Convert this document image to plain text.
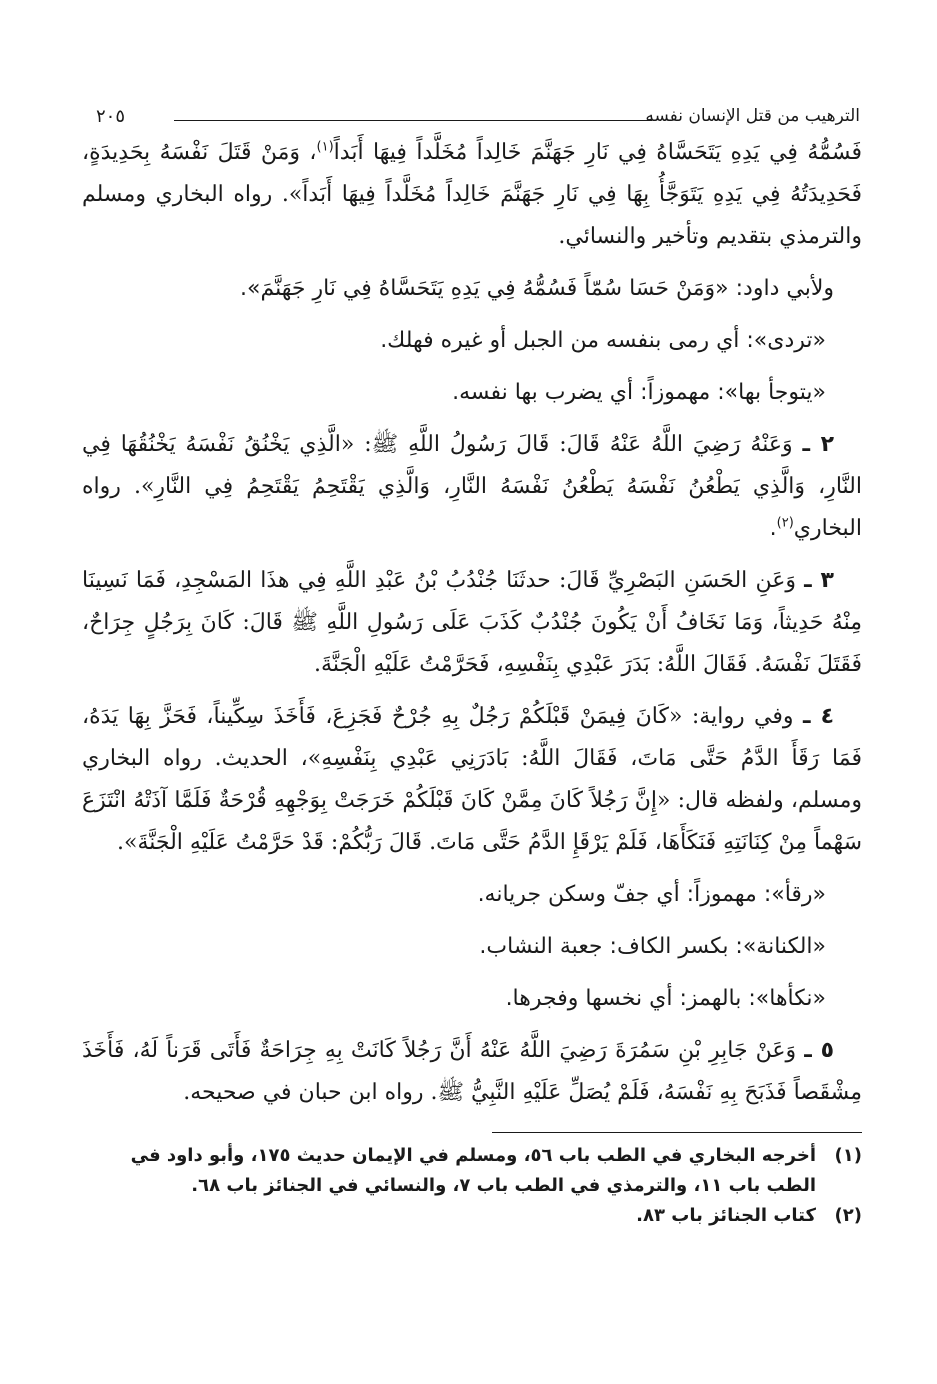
الترهيب من قتل الإنسان نفسه
٢٠٥

فَسُمُّهُ فِي يَدِهِ يَتَحَسَّاهُ فِي نَارِ جَهَنَّمَ خَالِداً مُخَلَّداً فِيهَا أَبَداً$^{(١)}$، وَمَنْ قَتَلَ نَفْسَهُ بِحَدِيدَةٍ، فَحَدِيدَتُهُ فِي يَدِهِ يَتَوَجَّأُ بِهَا فِي نَارِ جَهَنَّمَ خَالِداً مُخَلَّداً فِيهَا أَبَداً». رواه البخاري ومسلم والترمذي بتقديم وتأخير والنسائي.

ولأبي داود: «وَمَنْ حَسَا سُمّاً فَسُمُّهُ فِي يَدِهِ يَتَحَسَّاهُ فِي نَارِ جَهَنَّمَ».

«تردى»: أي رمى بنفسه من الجبل أو غيره فهلك.

«يتوجأ بها»: مهموزاً: أي يضرب بها نفسه.

٢ ـ وَعَنْهُ رَضِيَ اللَّهُ عَنْهُ قَالَ: قَالَ رَسُولُ اللَّهِ ﷺ: «الَّذِي يَخْنُقُ نَفْسَهُ يَخْنُقُهَا فِي النَّارِ، وَالَّذِي يَطْعُنُ نَفْسَهُ يَطْعُنُ نَفْسَهُ النَّارِ، وَالَّذِي يَقْتَحِمُ يَقْتَحِمُ فِي النَّارِ». رواه البخاري$^{(٢)}$.

٣ ـ وَعَنِ الحَسَنِ البَصْرِيِّ قَالَ: حدثَنَا جُنْدُبُ بْنُ عَبْدِ اللَّهِ فِي هذَا المَسْجِدِ، فَمَا نَسِينَا مِنْهُ حَدِيثاً، وَمَا نَخَافُ أَنْ يَكُونَ جُنْدُبٌ كَذَبَ عَلَى رَسُولِ اللَّهِ ﷺ قَالَ: كَانَ بِرَجُلٍ جِرَاحٌ، فَقَتَلَ نَفْسَهُ. فَقَالَ اللَّهُ: بَدَرَ عَبْدِي بِنَفْسِهِ، فَحَرَّمْتُ عَلَيْهِ الْجَنَّةَ.

٤ ـ وفي رواية: «كَانَ فِيمَنْ قَبْلَكُمْ رَجُلٌ بِهِ جُرْحٌ فَجَزِعَ، فَأَخَذَ سِكِّيناً، فَحَزَّ بِهَا يَدَهُ، فَمَا رَقَأَ الدَّمُ حَتَّى مَاتَ، فَقَالَ اللَّهُ: بَادَرَنِي عَبْدِي بِنَفْسِهِ»، الحديث. رواه البخاري ومسلم، ولفظه قال: «إِنَّ رَجُلاً كَانَ مِمَّنْ كَانَ قَبْلَكُمْ خَرَجَتْ بِوَجْهِهِ قُرْحَةٌ فَلَمَّا آذَتْهُ انْتَزَعَ سَهْماً مِنْ كِنَانَتِهِ فَنَكَأَهَا، فَلَمْ يَرْقَإِ الدَّمُ حَتَّى مَاتَ. قَالَ رَبُّكُمْ: قَدْ حَرَّمْتُ عَلَيْهِ الْجَنَّةَ».

«رقأ»: مهموزاً: أي جفّ وسكن جريانه.

«الكنانة»: بكسر الكاف: جعبة النشاب.

«نكأها»: بالهمز: أي نخسها وفجرها.

٥ ـ وَعَنْ جَابِرِ بْنِ سَمُرَةَ رَضِيَ اللَّهُ عَنْهُ أَنَّ رَجُلاً كَانَتْ بِهِ جِرَاحَةٌ فَأَتَى قَرَناً لَهُ، فَأَخَذَ مِشْقَصاً فَذَبَحَ بِهِ نَفْسَهُ، فَلَمْ يُصَلِّ عَلَيْهِ النَّبِيُّ ﷺ. رواه ابن حبان في صحيحه.

(١)
أخرجه البخاري في الطب باب ٥٦، ومسلم في الإيمان حديث ١٧٥، وأبو داود في الطب باب ١١، والترمذي في الطب باب ٧، والنسائي في الجنائز باب ٦٨.
(٢)
كتاب الجنائز باب ٨٣.
